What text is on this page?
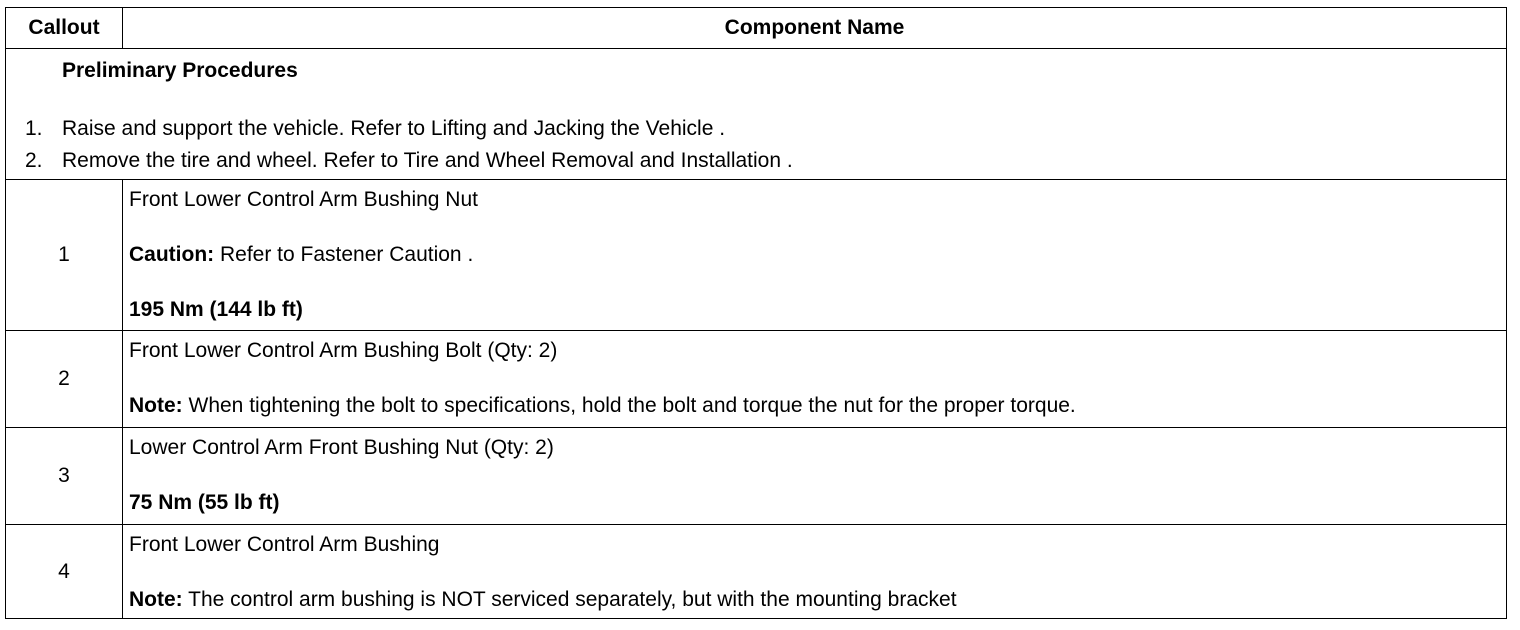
Callout	Component Name

Preliminary Procedures
1. Raise and support the vehicle. Refer to Lifting and Jacking the Vehicle .
2. Remove the tire and wheel. Refer to Tire and Wheel Removal and Installation .	

1	Front Lower Control Arm Bushing Nut
Caution: Refer to Fastener Caution .
195 Nm (144 lb ft)

2	Front Lower Control Arm Bushing Bolt (Qty: 2)
Note: When tightening the bolt to specifications, hold the bolt and torque the nut for the proper torque.

3	Lower Control Arm Front Bushing Nut (Qty: 2)
75 Nm (55 lb ft)

4	Front Lower Control Arm Bushing
Note: The control arm bushing is NOT serviced separately, but with the mounting bracket
